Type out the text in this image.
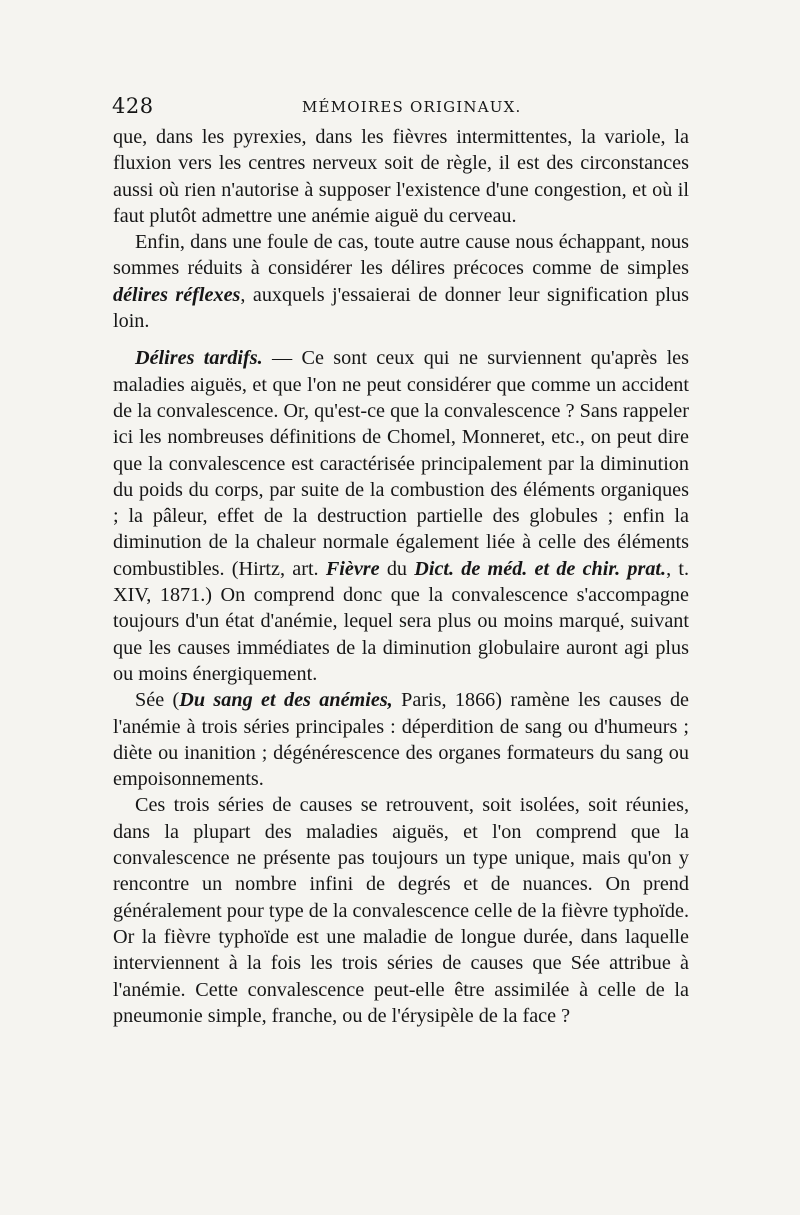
428	MÉMOIRES ORIGINAUX.

que, dans les pyrexies, dans les fièvres intermittentes, la variole, la fluxion vers les centres nerveux soit de règle, il est des circonstances aussi où rien n'autorise à supposer l'existence d'une congestion, et où il faut plutôt admettre une anémie aiguë du cerveau.

Enfin, dans une foule de cas, toute autre cause nous échappant, nous sommes réduits à considérer les délires précoces comme de simples délires réflexes, auxquels j'essaierai de donner leur signification plus loin.

Délires tardifs. — Ce sont ceux qui ne surviennent qu'après les maladies aiguës, et que l'on ne peut considérer que comme un accident de la convalescence. Or, qu'est-ce que la convalescence ? Sans rappeler ici les nombreuses définitions de Chomel, Monneret, etc., on peut dire que la convalescence est caractérisée principalement par la diminution du poids du corps, par suite de la combustion des éléments organiques ; la pâleur, effet de la destruction partielle des globules ; enfin la diminution de la chaleur normale également liée à celle des éléments combustibles. (Hirtz, art. Fièvre du Dict. de méd. et de chir. prat., t. XIV, 1871.) On comprend donc que la convalescence s'accompagne toujours d'un état d'anémie, lequel sera plus ou moins marqué, suivant que les causes immédiates de la diminution globulaire auront agi plus ou moins énergiquement.

Sée (Du sang et des anémies, Paris, 1866) ramène les causes de l'anémie à trois séries principales : déperdition de sang ou d'humeurs ; diète ou inanition ; dégénérescence des organes formateurs du sang ou empoisonnements.

Ces trois séries de causes se retrouvent, soit isolées, soit réunies, dans la plupart des maladies aiguës, et l'on comprend que la convalescence ne présente pas toujours un type unique, mais qu'on y rencontre un nombre infini de degrés et de nuances. On prend généralement pour type de la convalescence celle de la fièvre typhoïde. Or la fièvre typhoïde est une maladie de longue durée, dans laquelle interviennent à la fois les trois séries de causes que Sée attribue à l'anémie. Cette convalescence peut-elle être assimilée à celle de la pneumonie simple, franche, ou de l'érysipèle de la face ?
